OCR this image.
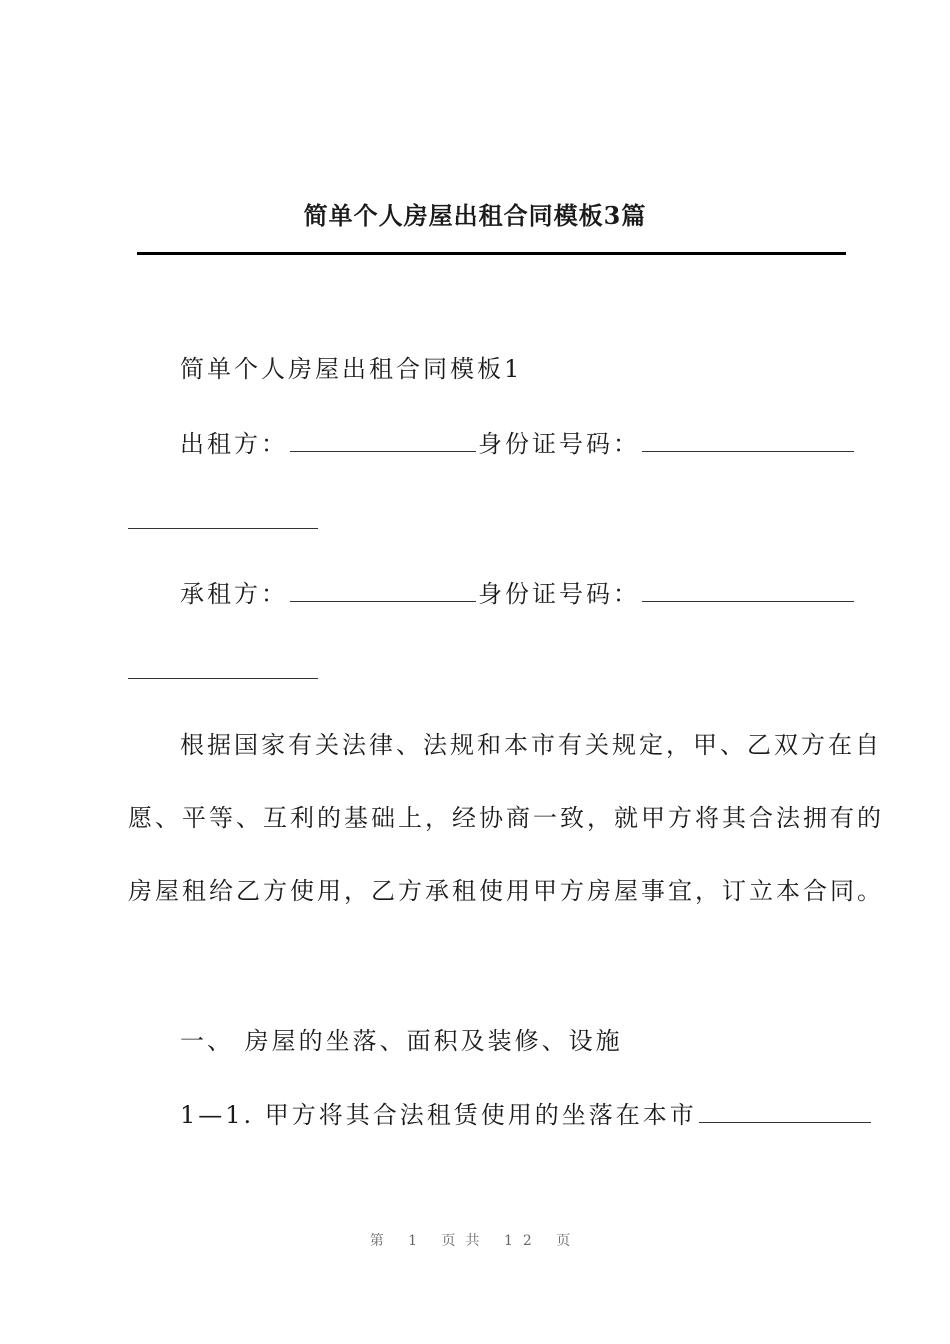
简单个人房屋出租合同模板3篇
简单个人房屋出租合同模板1
出租方：	身份证号码：
承租方：	身份证号码：
根据国家有关法律、法规和本市有关规定，甲、乙双方在自
愿、平等、互利的基础上，经协商一致，就甲方将其合法拥有的
房屋租给乙方使用，乙方承租使用甲方房屋事宜，订立本合同。
一、 房屋的坐落、面积及装修、设施
1—1. 甲方将其合法租赁使用的坐落在本市
第 1 页共 12 页
